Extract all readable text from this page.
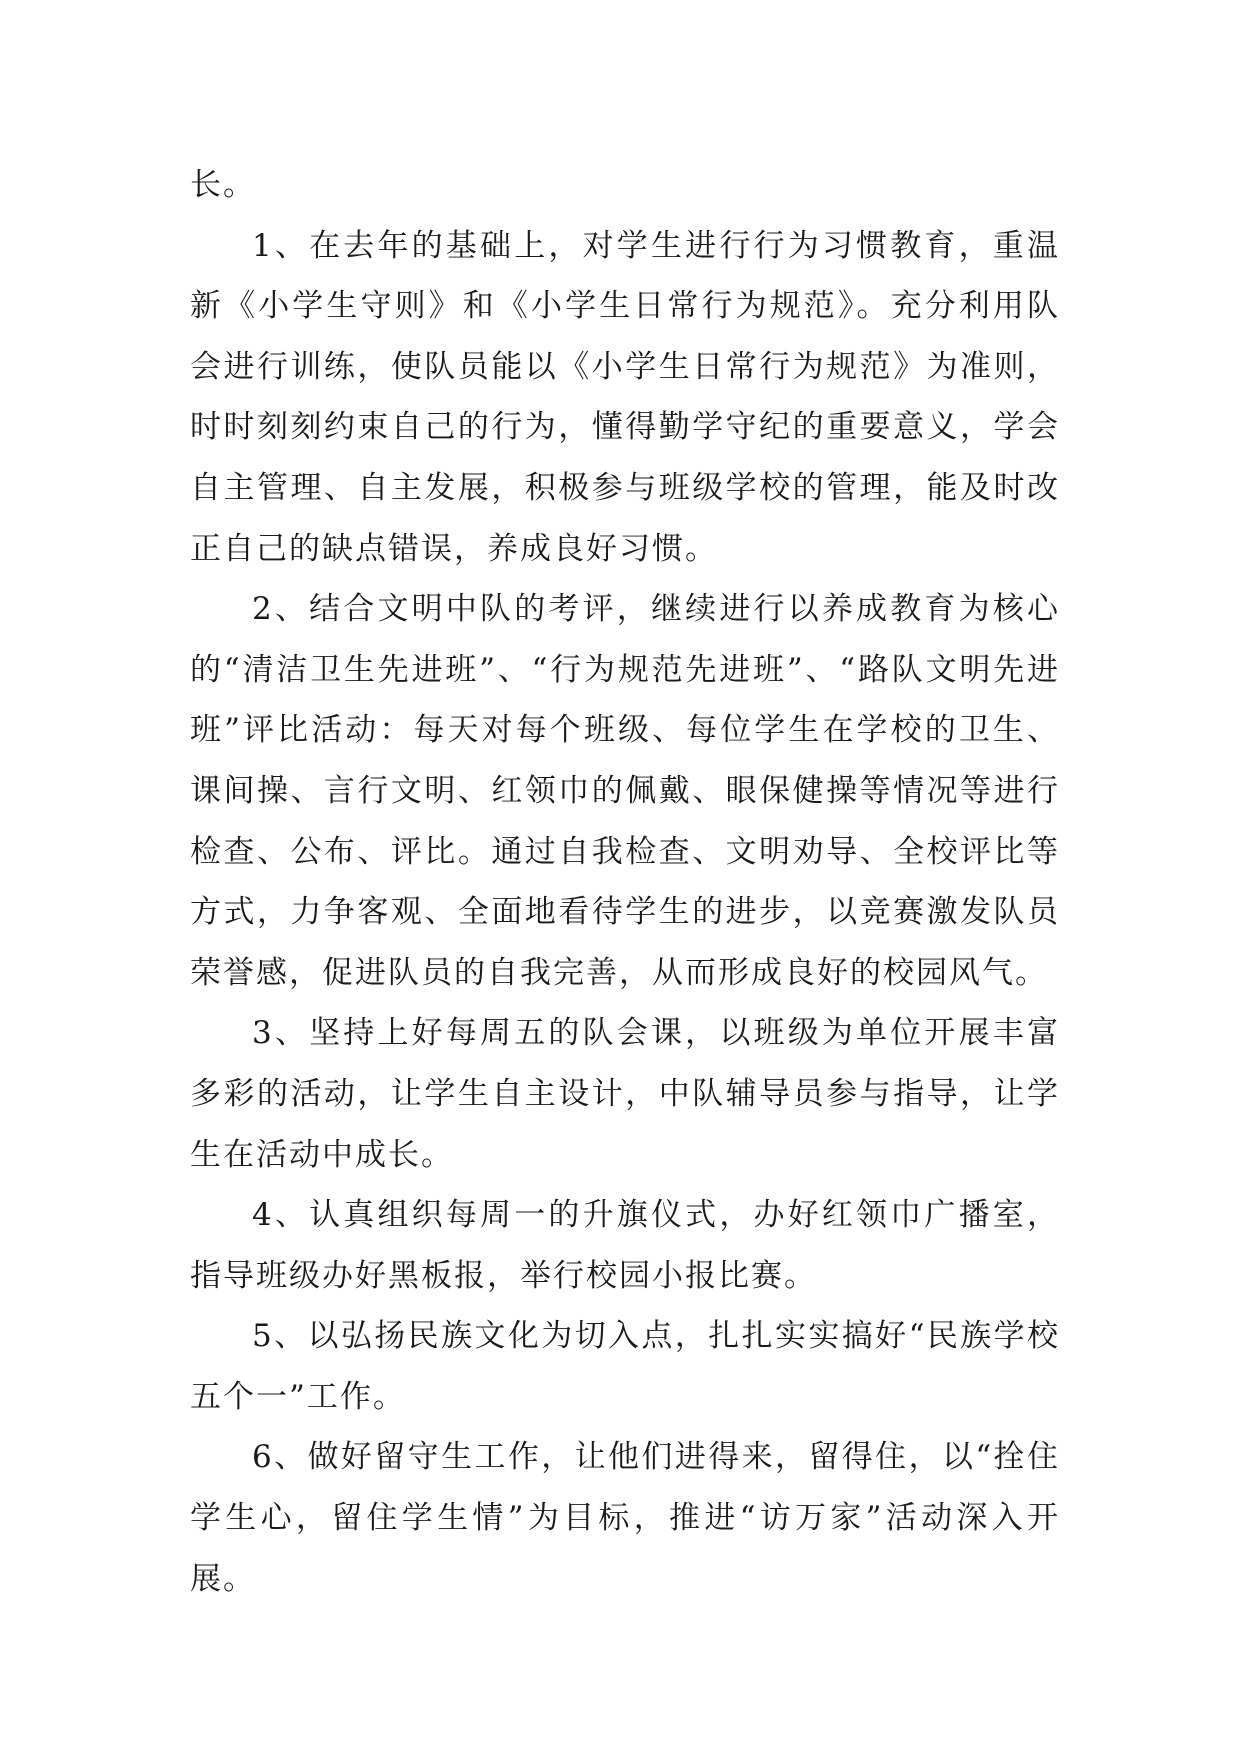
长。

1、在去年的基础上，对学生进行行为习惯教育，重温新《小学生守则》和《小学生日常行为规范》。充分利用队会进行训练，使队员能以《小学生日常行为规范》为准则，时时刻刻约束自己的行为，懂得勤学守纪的重要意义，学会自主管理、自主发展，积极参与班级学校的管理，能及时改正自己的缺点错误，养成良好习惯。

2、结合文明中队的考评，继续进行以养成教育为核心的“清洁卫生先进班”、“行为规范先进班”、“路队文明先进班”评比活动：每天对每个班级、每位学生在学校的卫生、课间操、言行文明、红领巾的佩戴、眼保健操等情况等进行检查、公布、评比。通过自我检查、文明劝导、全校评比等方式，力争客观、全面地看待学生的进步，以竞赛激发队员荣誉感，促进队员的自我完善，从而形成良好的校园风气。

3、坚持上好每周五的队会课，以班级为单位开展丰富多彩的活动，让学生自主设计，中队辅导员参与指导，让学生在活动中成长。

4、认真组织每周一的升旗仪式，办好红领巾广播室，指导班级办好黑板报，举行校园小报比赛。

5、以弘扬民族文化为切入点，扎扎实实搞好“民族学校五个一”工作。

6、做好留守生工作，让他们进得来，留得住，以“拴住学生心，留住学生情”为目标，推进“访万家”活动深入开展。
